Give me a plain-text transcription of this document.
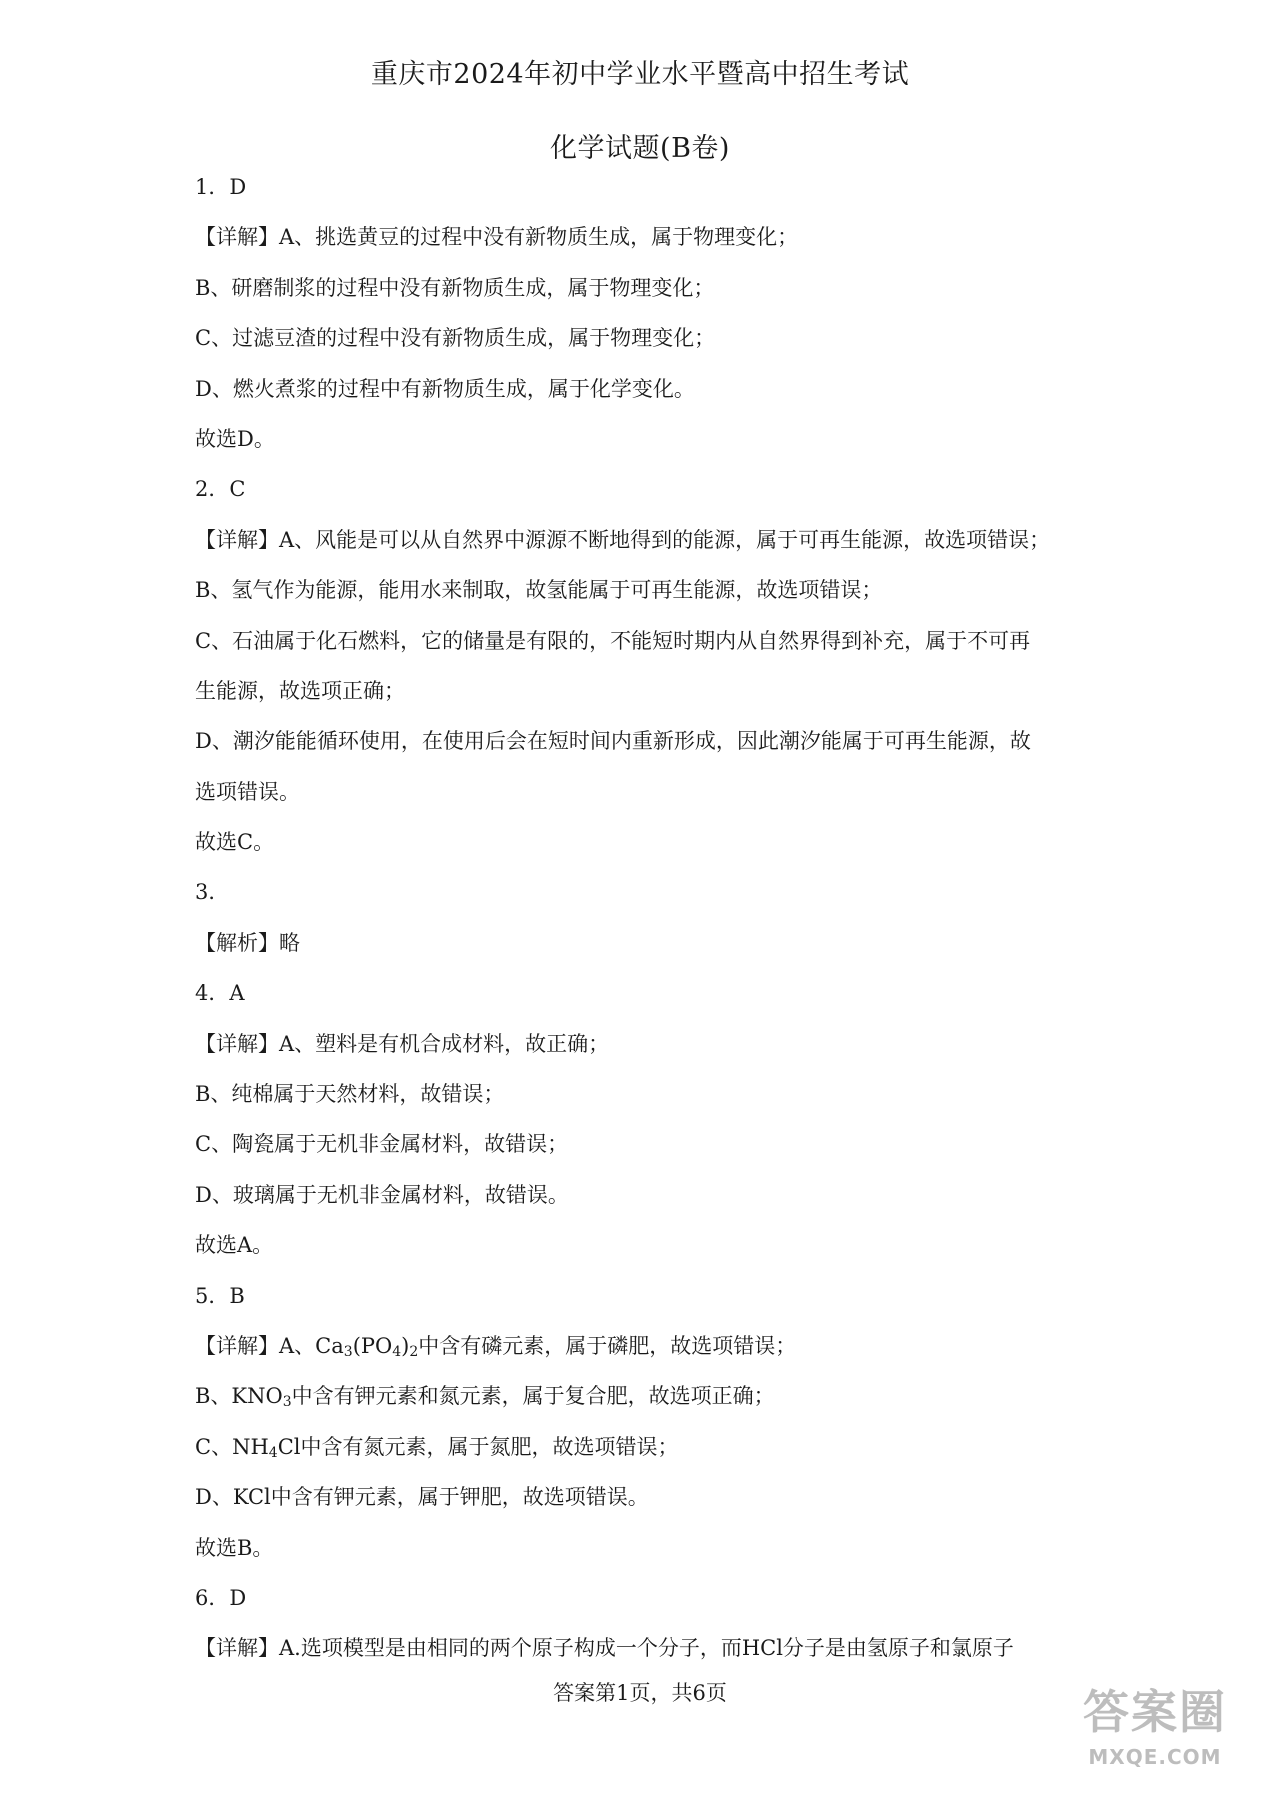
重庆市2024年初中学业水平暨高中招生考试
化学试题(B卷)
1．D
【详解】A、挑选黄豆的过程中没有新物质生成，属于物理变化；
B、研磨制浆的过程中没有新物质生成，属于物理变化；
C、过滤豆渣的过程中没有新物质生成，属于物理变化；
D、燃火煮浆的过程中有新物质生成，属于化学变化。
故选D。
2．C
【详解】A、风能是可以从自然界中源源不断地得到的能源，属于可再生能源，故选项错误；
B、氢气作为能源，能用水来制取，故氢能属于可再生能源，故选项错误；
C、石油属于化石燃料，它的储量是有限的，不能短时期内从自然界得到补充，属于不可再
生能源，故选项正确；
D、潮汐能能循环使用，在使用后会在短时间内重新形成，因此潮汐能属于可再生能源，故
选项错误。
故选C。
3．
【解析】略
4．A
【详解】A、塑料是有机合成材料，故正确；
B、纯棉属于天然材料，故错误；
C、陶瓷属于无机非金属材料，故错误；
D、玻璃属于无机非金属材料，故错误。
故选A。
5．B
【详解】A、$Ca_3(PO_4)_2$中含有磷元素，属于磷肥，故选项错误；
B、$KNO_3$中含有钾元素和氮元素，属于复合肥，故选项正确；
C、$NH_4Cl$中含有氮元素，属于氮肥，故选项错误；
D、KCl中含有钾元素，属于钾肥，故选项错误。
故选B。
6．D
【详解】A.选项模型是由相同的两个原子构成一个分子，而HCl分子是由氢原子和氯原子
答案第1页，共6页	答案圈
MXQE.COM
